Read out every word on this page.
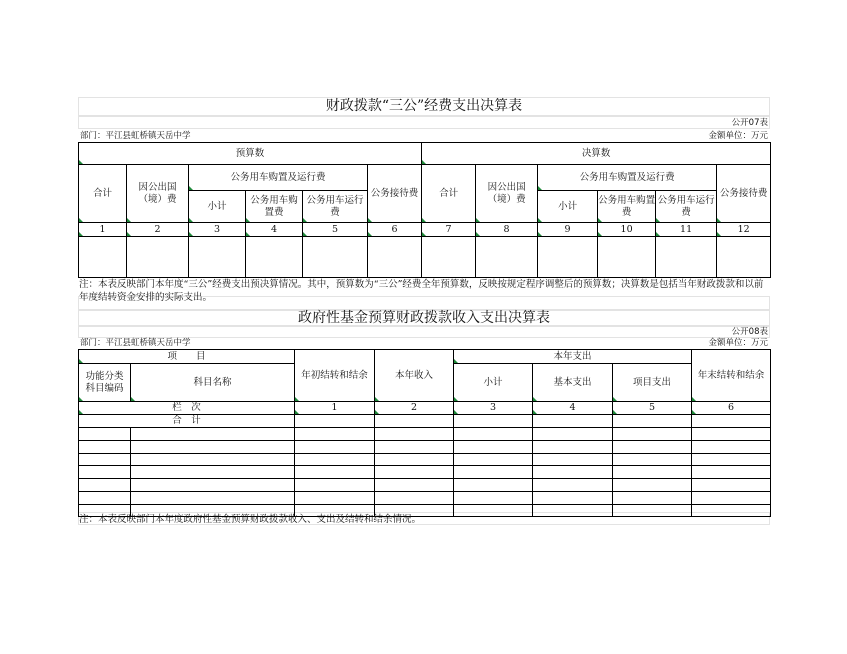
财政拨款“三公”经费支出决算表
公开07表
部门：平江县虹桥镇天岳中学	金额单位：万元
预算数						决算数					
合计	因公出国（境）费	公务用车购置及运行费			公务接待费	合计	因公出国（境）费	公务用车购置及运行费			公务接待费
		小计	公务用车购置费	公务用车运行费				小计	公务用车购置费	公务用车运行费	
1	2	3	4	5	6	7	8	9	10	11	12

注：本表反映部门本年度“三公”经费支出预决算情况。其中，预算数为“三公”经费全年预算数，反映按规定程序调整后的预算数；决算数是包括当年财政拨款和以前年度结转资金安排的实际支出。
政府性基金预算财政拨款收入支出决算表
公开08表
部门：平江县虹桥镇天岳中学	金额单位：万元
项　　目		年初结转和结余	本年收入	本年支出			年末结转和结余
功能分类科目编码	科目名称			小计	基本支出	项目支出	
栏　次		1	2	3	4	5	6
合　计							

注：本表反映部门本年度政府性基金预算财政拨款收入、支出及结转和结余情况。
